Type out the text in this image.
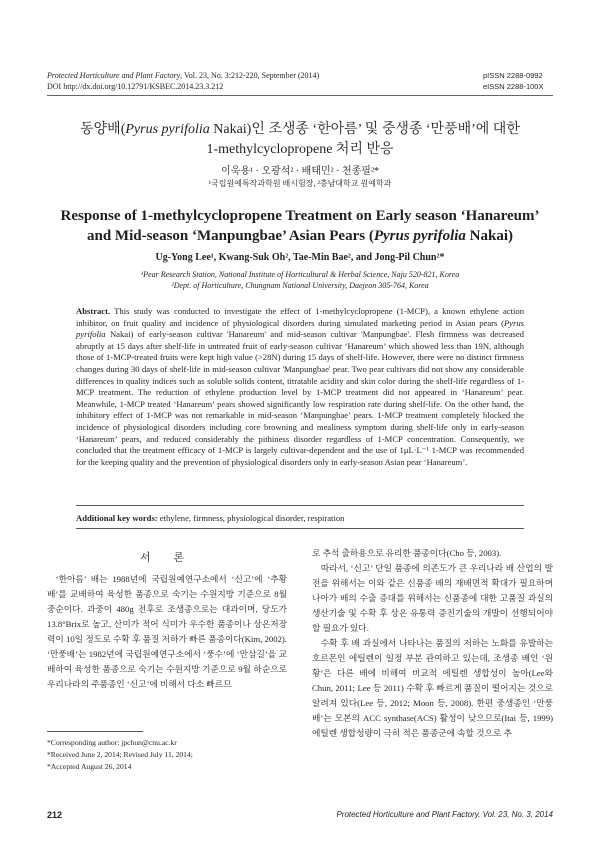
Protected Horticulture and Plant Factory, Vol. 23, No. 3:212-220, September (2014)
DOI http://dx.doi.org/10.12791/KSBEC.2014.23.3.212
pISSN 2288-0992
eISSN 2288-100X
동양배(Pyrus pyrifolia Nakai)인 조생종 ‘한아름’ 및 중생종 ‘만풍배’에 대한
1-methylcyclopropene 처리 반응
이욱용¹ · 오광석² · 배태민² · 천종필²*
¹국립원예특작과학원 배시험장, ²충남대학교 원예학과
Response of 1-methylcyclopropene Treatment on Early season ‘Hanareum’
and Mid-season ‘Manpungbae’ Asian Pears (Pyrus pyrifolia Nakai)
Ug-Yong Lee¹, Kwang-Suk Oh², Tae-Min Bae², and Jong-Pil Chun²*
¹Pear Research Station, National Institute of Horticultural & Herbal Science, Naju 520-821, Korea
²Dept. of Horticulture, Chungnam National University, Daejeon 305-764, Korea
Abstract. This study was conducted to investigate the effect of 1-methylcyclopropene (1-MCP), a known ethylene action inhibitor, on fruit quality and incidence of physiological disorders during simulated marketing period in Asian pears (Pyrus pyrifolia Nakai) of early-season cultivar 'Hanareum' and mid-season cultivar 'Manpungbae'. Flesh firmness was decreased abruptly at 15 days after shelf-life in untreated fruit of early-season cultivar ‘Hanareum’ which showed less than 19N, although those of 1-MCP-treated fruits were kept high value (>28N) during 15 days of shelf-life. However, there were no distinct firmness changes during 30 days of shelf-life in mid-season cultivar 'Manpungbae' pear. Two pear cultivars did not show any considerable differences in quality indices such as soluble solids content, titratable acidity and skin color during the shelf-life regardless of 1-MCP treatment. The reduction of ethylene production level by 1-MCP treatment did not appeared in ‘Hanareum’ pear. Meanwhile, 1-MCP treated ‘Hanareum’ pears showed significantly low respiration rate during shelf-life. On the other hand, the inhibitory effect of 1-MCP was not remarkable in mid-season ‘Manpungbae’ pears. 1-MCP treatment completely blocked the incidence of physiological disorders including core browning and mealiness symptom during shelf-life only in early-season ‘Hanareum’ pears, and reduced considerably the pithiness disorder regardless of 1-MCP concentration. Consequently, we concluded that the treatment efficacy of 1-MCP is largely cultivar-dependent and the use of 1μL·L⁻¹ 1-MCP was recommended for the keeping quality and the prevention of physiological disorders only in early-season Asian pear ‘Hanareum’.
Additional key words: ethylene, firmness, physiological disorder, respiration
서 론

‘한아름’ 배는 1988년에 국립원예연구소에서 ‘신고’에 ‘추황배’를 교배하여 육성한 품종으로 숙기는 수원지방 기준으로 8월 중순이다. 과중이 480g 전후로 조생종으로는 대과이며, 당도가 13.8°Brix로 높고, 산미가 적어 식미가 우수한 품종이나 상온저장력이 10일 정도로 수확 후 품질 저하가 빠른 품종이다(Kim, 2002). ‘만풍배’는 1982년에 국립원예연구소에서 ‘풍수’에 ‘만삼길’을 교배하여 육성한 품종으로 숙기는 수원지방 기준으로 9월 하순으로 우리나라의 주품종인 ‘신고’에 비해서 다소 빠르므

로 추석 출하용으로 유리한 품종이다(Cho 등, 2003).

따라서, ‘신고’ 단일 품종에 의존도가 큰 우리나라 배 산업의 발전을 위해서는 이와 같은 신품종 배의 재배면적 확대가 필요하며 나아가 배의 수출 증대를 위해서는 신품종에 대한 고품질 과실의 생산기술 및 수확 후 상온 유통력 증진기술의 개발이 선행되어야 할 필요가 있다.

수확 후 배 과실에서 나타나는 품질의 저하는 노화를 유발하는 호르몬인 에틸렌이 일정 부분 관여하고 있는데, 조생종 배인 ‘원황’은 다른 배에 비해여 비교적 에틸렌 생합성이 높아(Lee와 Chun, 2011; Lee 등 2011) 수확 후 빠르게 품질이 떨어지는 것으로 알려져 있다(Lee 등, 2012; Moon 등, 2008). 한편 중생종인 ‘만풍배’는 모본의 ACC synthase(ACS) 활성이 낮으므로(Itai 등, 1999) 에틸렌 생합성량이 극히 적은 품종군에 속할 것으로 추

*Corresponding author: jpchun@cnu.ac.kr
*Received June 2, 2014; Revised July 11, 2014;
*Accepted August 26, 2014
212	Protected Horticulture and Plant Factory, Vol. 23, No. 3, 2014
